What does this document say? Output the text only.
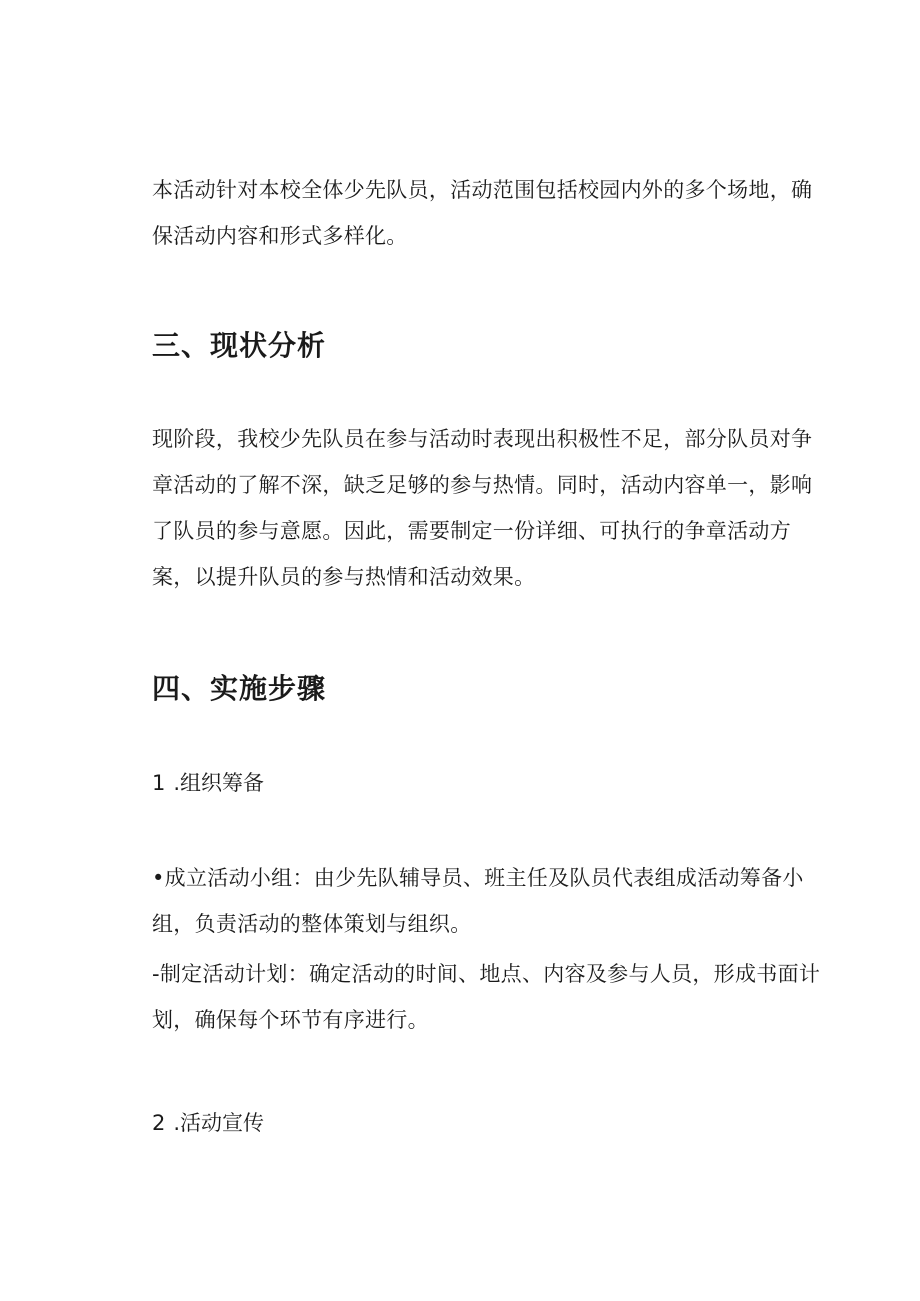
本活动针对本校全体少先队员，活动范围包括校园内外的多个场地，确保活动内容和形式多样化。

三、现状分析

现阶段，我校少先队员在参与活动时表现出积极性不足，部分队员对争章活动的了解不深，缺乏足够的参与热情。同时，活动内容单一，影响了队员的参与意愿。因此，需要制定一份详细、可执行的争章活动方案，以提升队员的参与热情和活动效果。

四、实施步骤

1 .组织筹备

•成立活动小组：由少先队辅导员、班主任及队员代表组成活动筹备小组，负责活动的整体策划与组织。

-制定活动计划：确定活动的时间、地点、内容及参与人员，形成书面计划，确保每个环节有序进行。

2 .活动宣传
